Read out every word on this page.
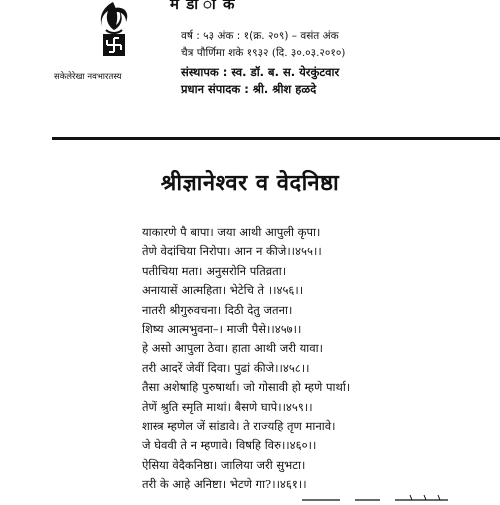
म डा ा क
सकेलेरेखा नवभारतस्य
वर्ष : ५३ अंक : १(क्र. २०९) – वसंत अंक
चैत्र पौर्णिमा शके १९३२ (दि. ३०.०३.२०१०)
संस्थापक : स्व. डॉ. ब. स. येरकुंटवार
प्रधान संपादक : श्री. श्रीश हळदे
श्रीज्ञानेश्वर व वेदनिष्ठा
याकारणे पै बापा। जया आथी आपुली कृपा।
तेणे वेदांचिया निरोपा। आन न कीजे।।४५५।।
पतीचिया मता। अनुसरोनि पतिव्रता।
अनायासें आत्महिता। भेटेचि ते ।।४५६।।
नातरी श्रीगुरुवचना। दिठी देतु जतना।
शिष्य आत्मभुवना–। माजी पैसे।।४५७।।
हे असो आपुला ठेवा। हाता आथी जरी यावा।
तरी आदरें जेवीं दिवा। पुढां कीजे।।४५८।।
तैसा अशेषाहि पुरुषार्था। जो गोसावी हो म्हणे पार्था।
तेणें श्रुति स्मृति माथां। बैसणे घापे।।४५९।।
शास्त्र म्हणेल जें सांडावे। ते राज्यहि तृण मानावे।
जे घेववी ते न म्हणावे। विषहि विरु।।४६०।।
ऐसिया वेदैकनिष्ठा। जालिया जरी सुभटा।
तरी के आहे अनिष्टा। भेटणे गा?।।४६१।।
